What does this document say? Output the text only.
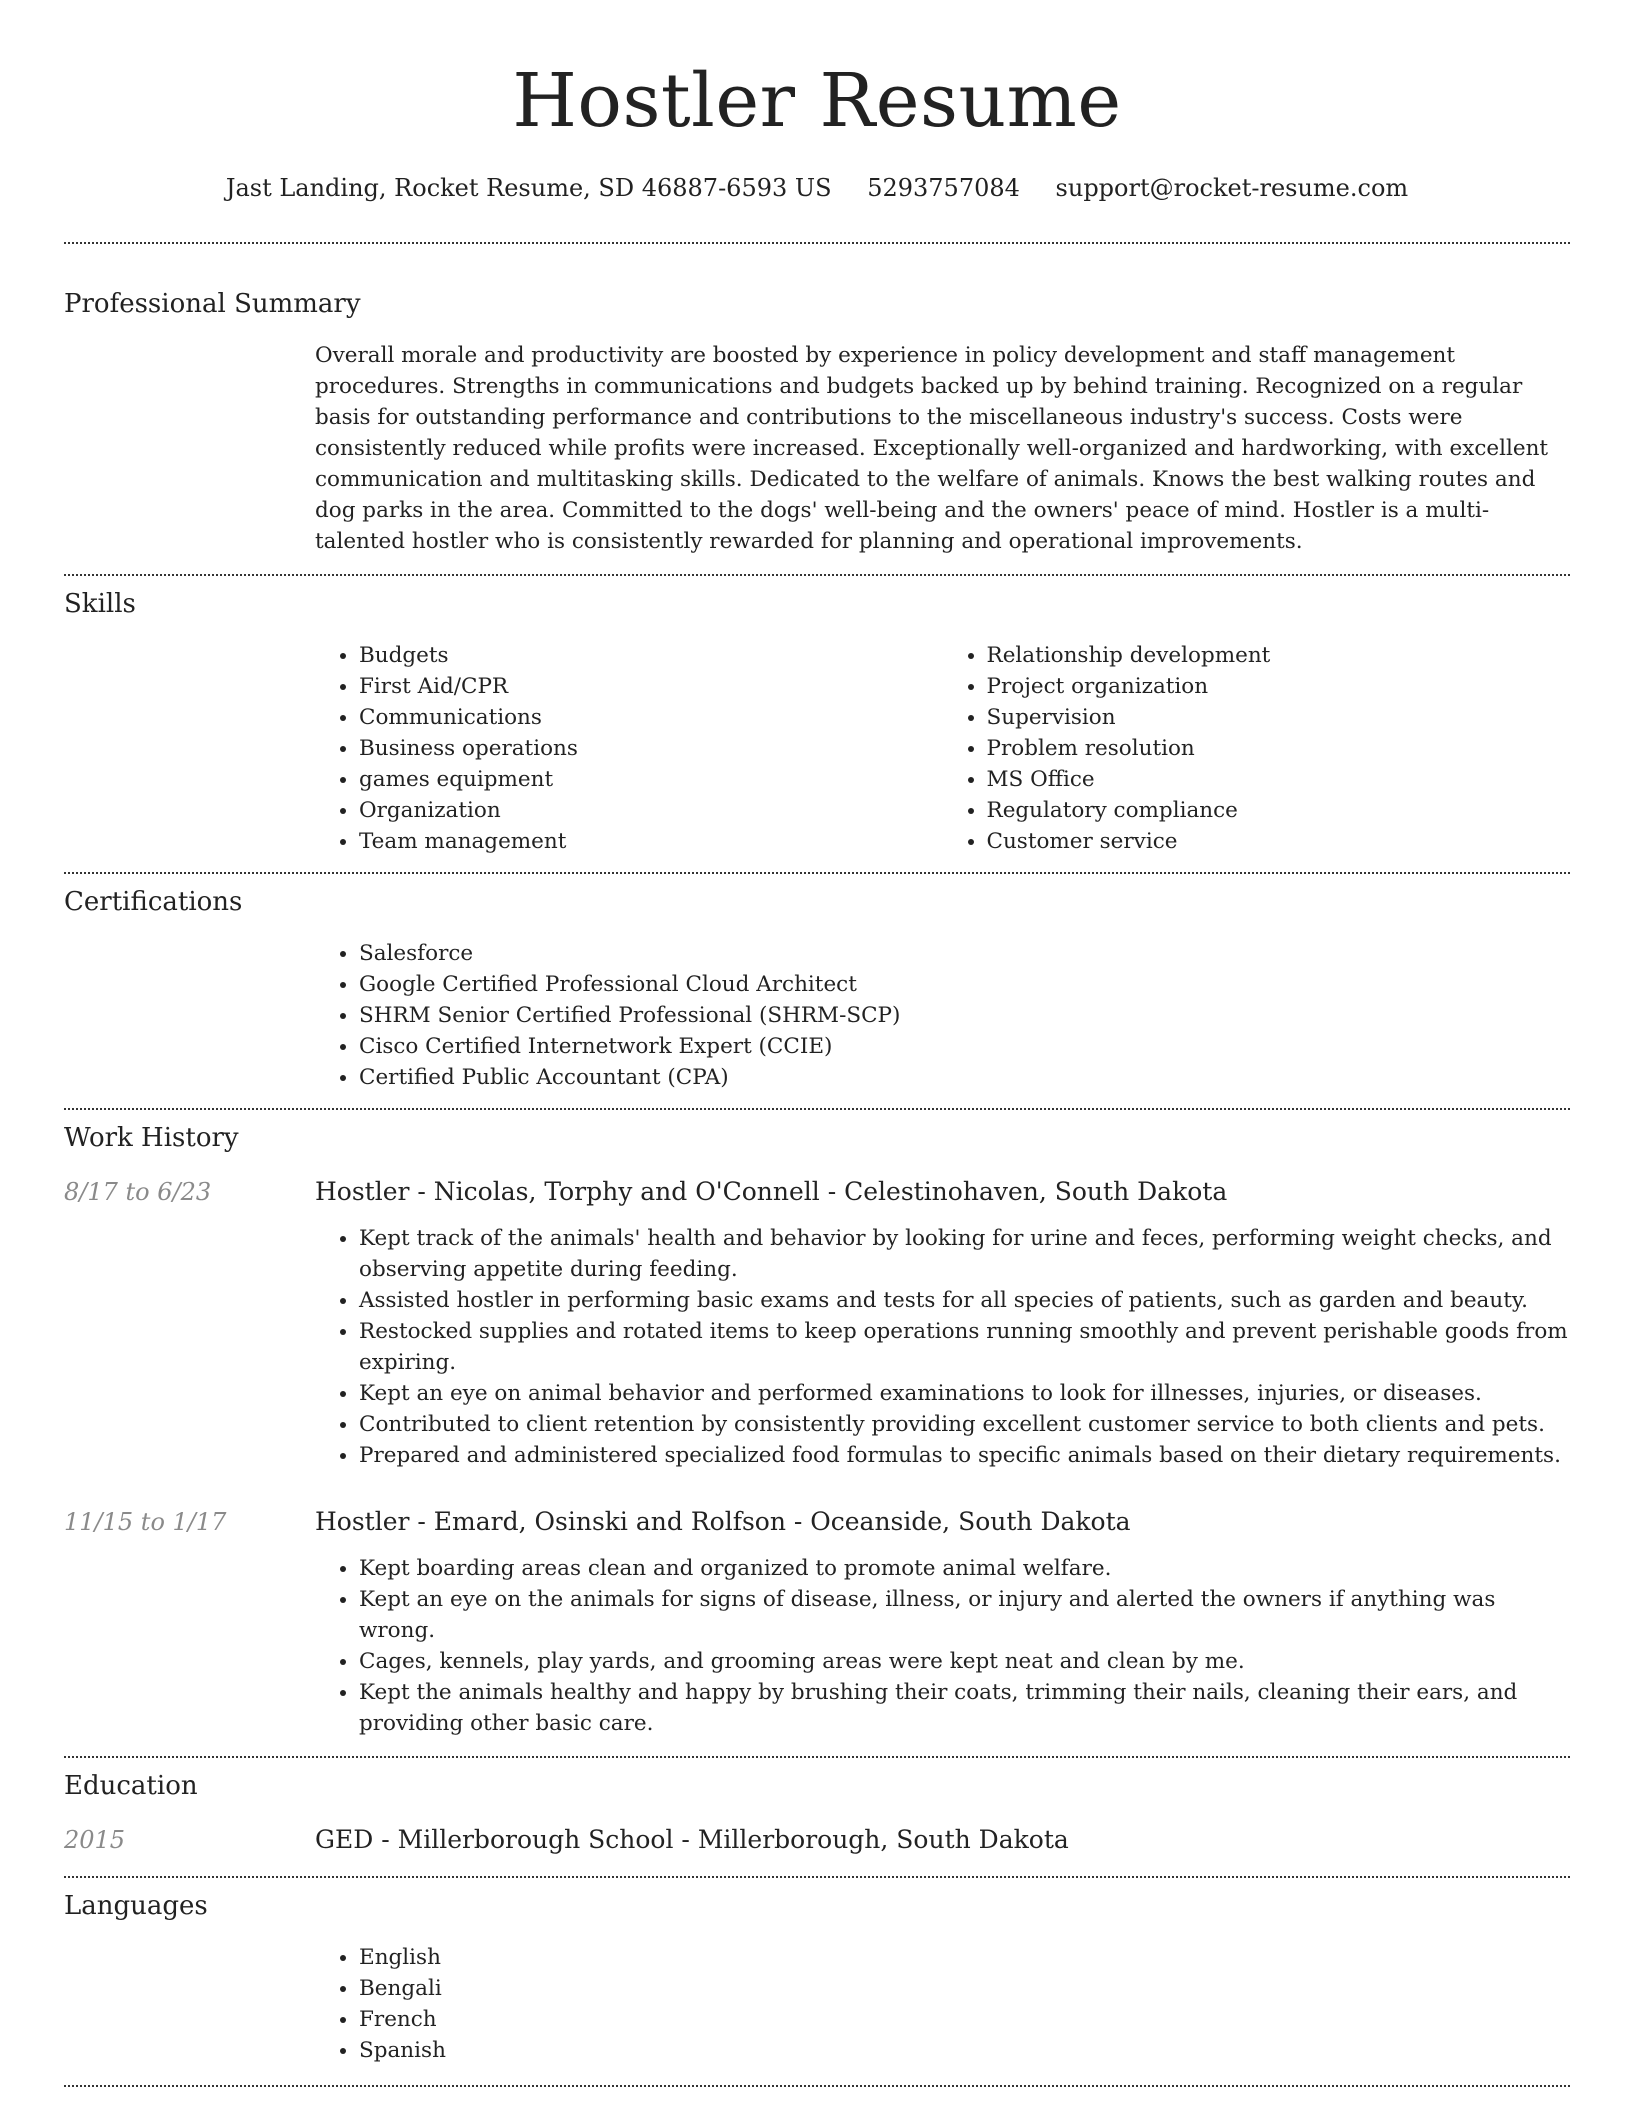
Hostler Resume
Jast Landing, Rocket Resume, SD 46887-6593 US 5293757084 support@rocket-resume.com
Professional Summary

Overall morale and productivity are boosted by experience in policy development and staff management procedures. Strengths in communications and budgets backed up by behind training. Recognized on a regular basis for outstanding performance and contributions to the miscellaneous industry's success. Costs were consistently reduced while profits were increased. Exceptionally well-organized and hardworking, with excellent communication and multitasking skills. Dedicated to the welfare of animals. Knows the best walking routes and dog parks in the area. Committed to the dogs' well-being and the owners' peace of mind. Hostler is a multi-talented hostler who is consistently rewarded for planning and operational improvements.

Skills
• Budgets
• First Aid/CPR
• Communications
• Business operations
• games equipment
• Organization
• Team management
• Relationship development
• Project organization
• Supervision
• Problem resolution
• MS Office
• Regulatory compliance
• Customer service
Certifications
• Salesforce
• Google Certified Professional Cloud Architect
• SHRM Senior Certified Professional (SHRM-SCP)
• Cisco Certified Internetwork Expert (CCIE)
• Certified Public Accountant (CPA)
Work History
8/17 to 6/23	Hostler - Nicolas, Torphy and O'Connell - Celestinohaven, South Dakota
• Kept track of the animals' health and behavior by looking for urine and feces, performing weight checks, and observing appetite during feeding.
• Assisted hostler in performing basic exams and tests for all species of patients, such as garden and beauty.
• Restocked supplies and rotated items to keep operations running smoothly and prevent perishable goods from expiring.
• Kept an eye on animal behavior and performed examinations to look for illnesses, injuries, or diseases.
• Contributed to client retention by consistently providing excellent customer service to both clients and pets.
• Prepared and administered specialized food formulas to specific animals based on their dietary requirements.
11/15 to 1/17	Hostler - Emard, Osinski and Rolfson - Oceanside, South Dakota
• Kept boarding areas clean and organized to promote animal welfare.
• Kept an eye on the animals for signs of disease, illness, or injury and alerted the owners if anything was wrong.
• Cages, kennels, play yards, and grooming areas were kept neat and clean by me.
• Kept the animals healthy and happy by brushing their coats, trimming their nails, cleaning their ears, and providing other basic care.
Education
2015	GED - Millerborough School - Millerborough, South Dakota
Languages
• English
• Bengali
• French
• Spanish
